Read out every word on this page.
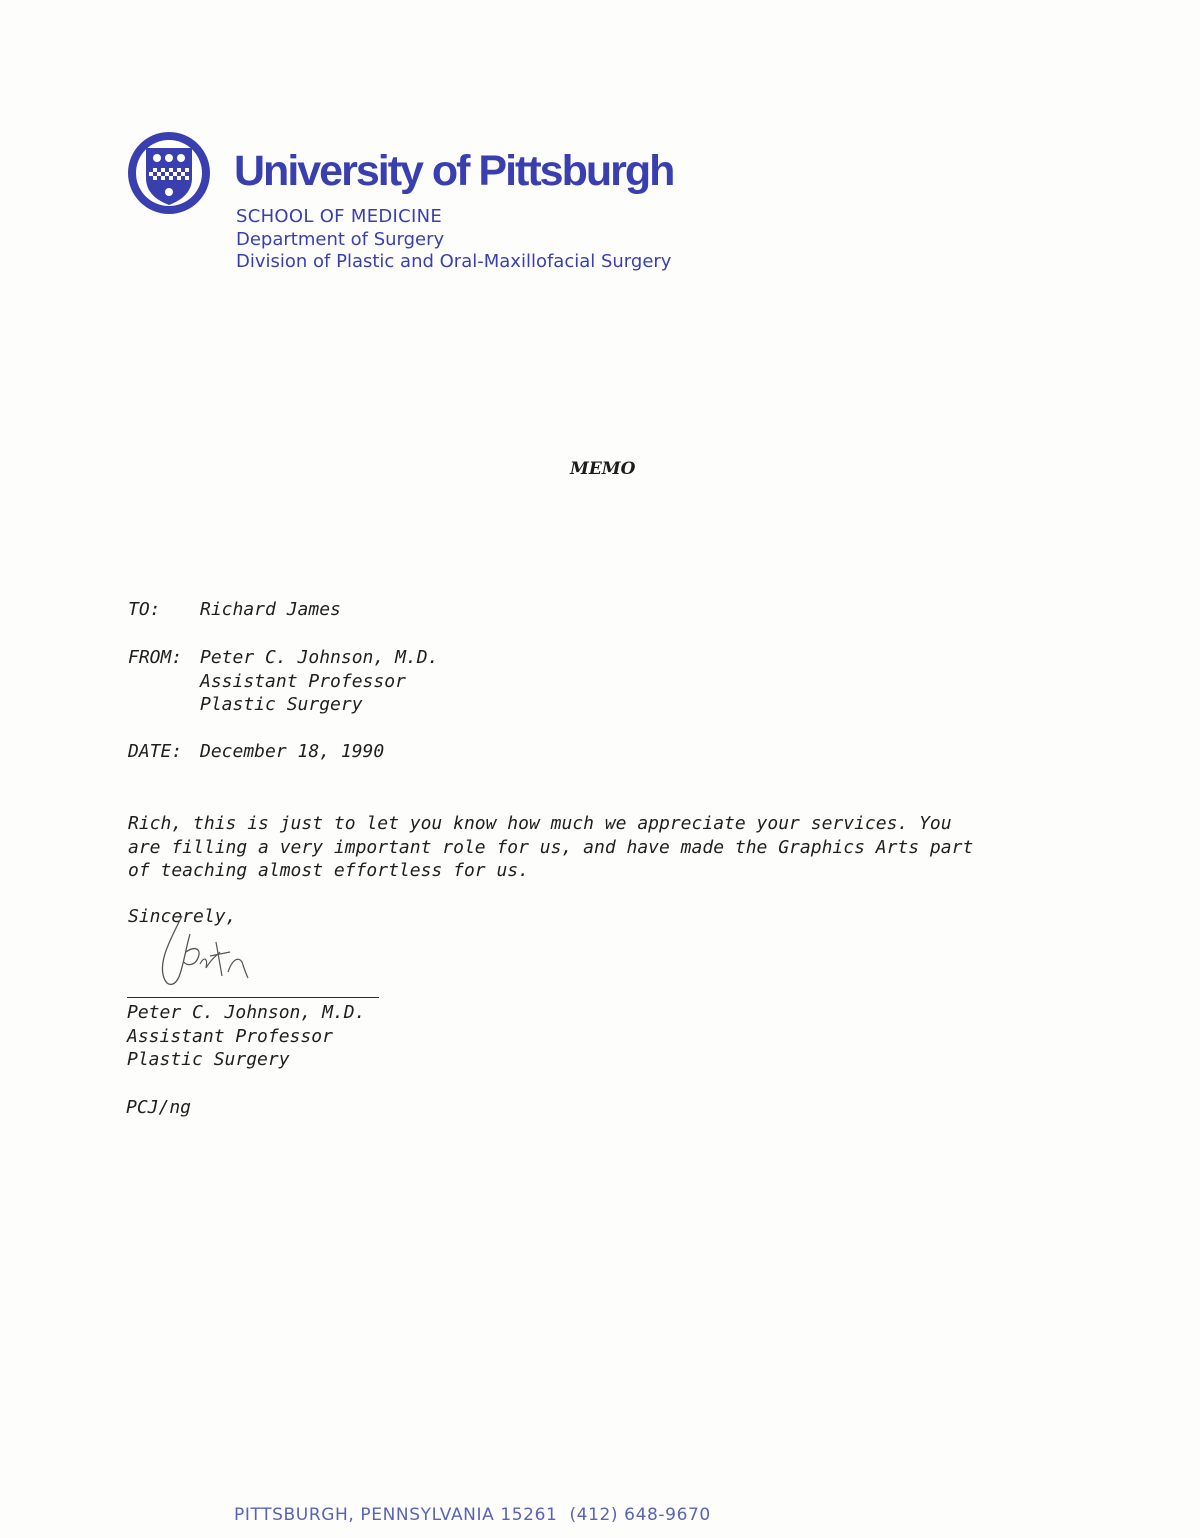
University of Pittsburgh
SCHOOL OF MEDICINE
Department of Surgery
Division of Plastic and Oral-Maxillofacial Surgery
MEMO
TO: Richard James
FROM: Peter C. Johnson, M.D.
Assistant Professor
Plastic Surgery
DATE: December 18, 1990
Rich, this is just to let you know how much we appreciate your services. You
are filling a very important role for us, and have made the Graphics Arts part
of teaching almost effortless for us.
Sincerely,
Peter C. Johnson, M.D.
Assistant Professor
Plastic Surgery
PCJ/ng
PITTSBURGH, PENNSYLVANIA 15261 (412) 648-9670
